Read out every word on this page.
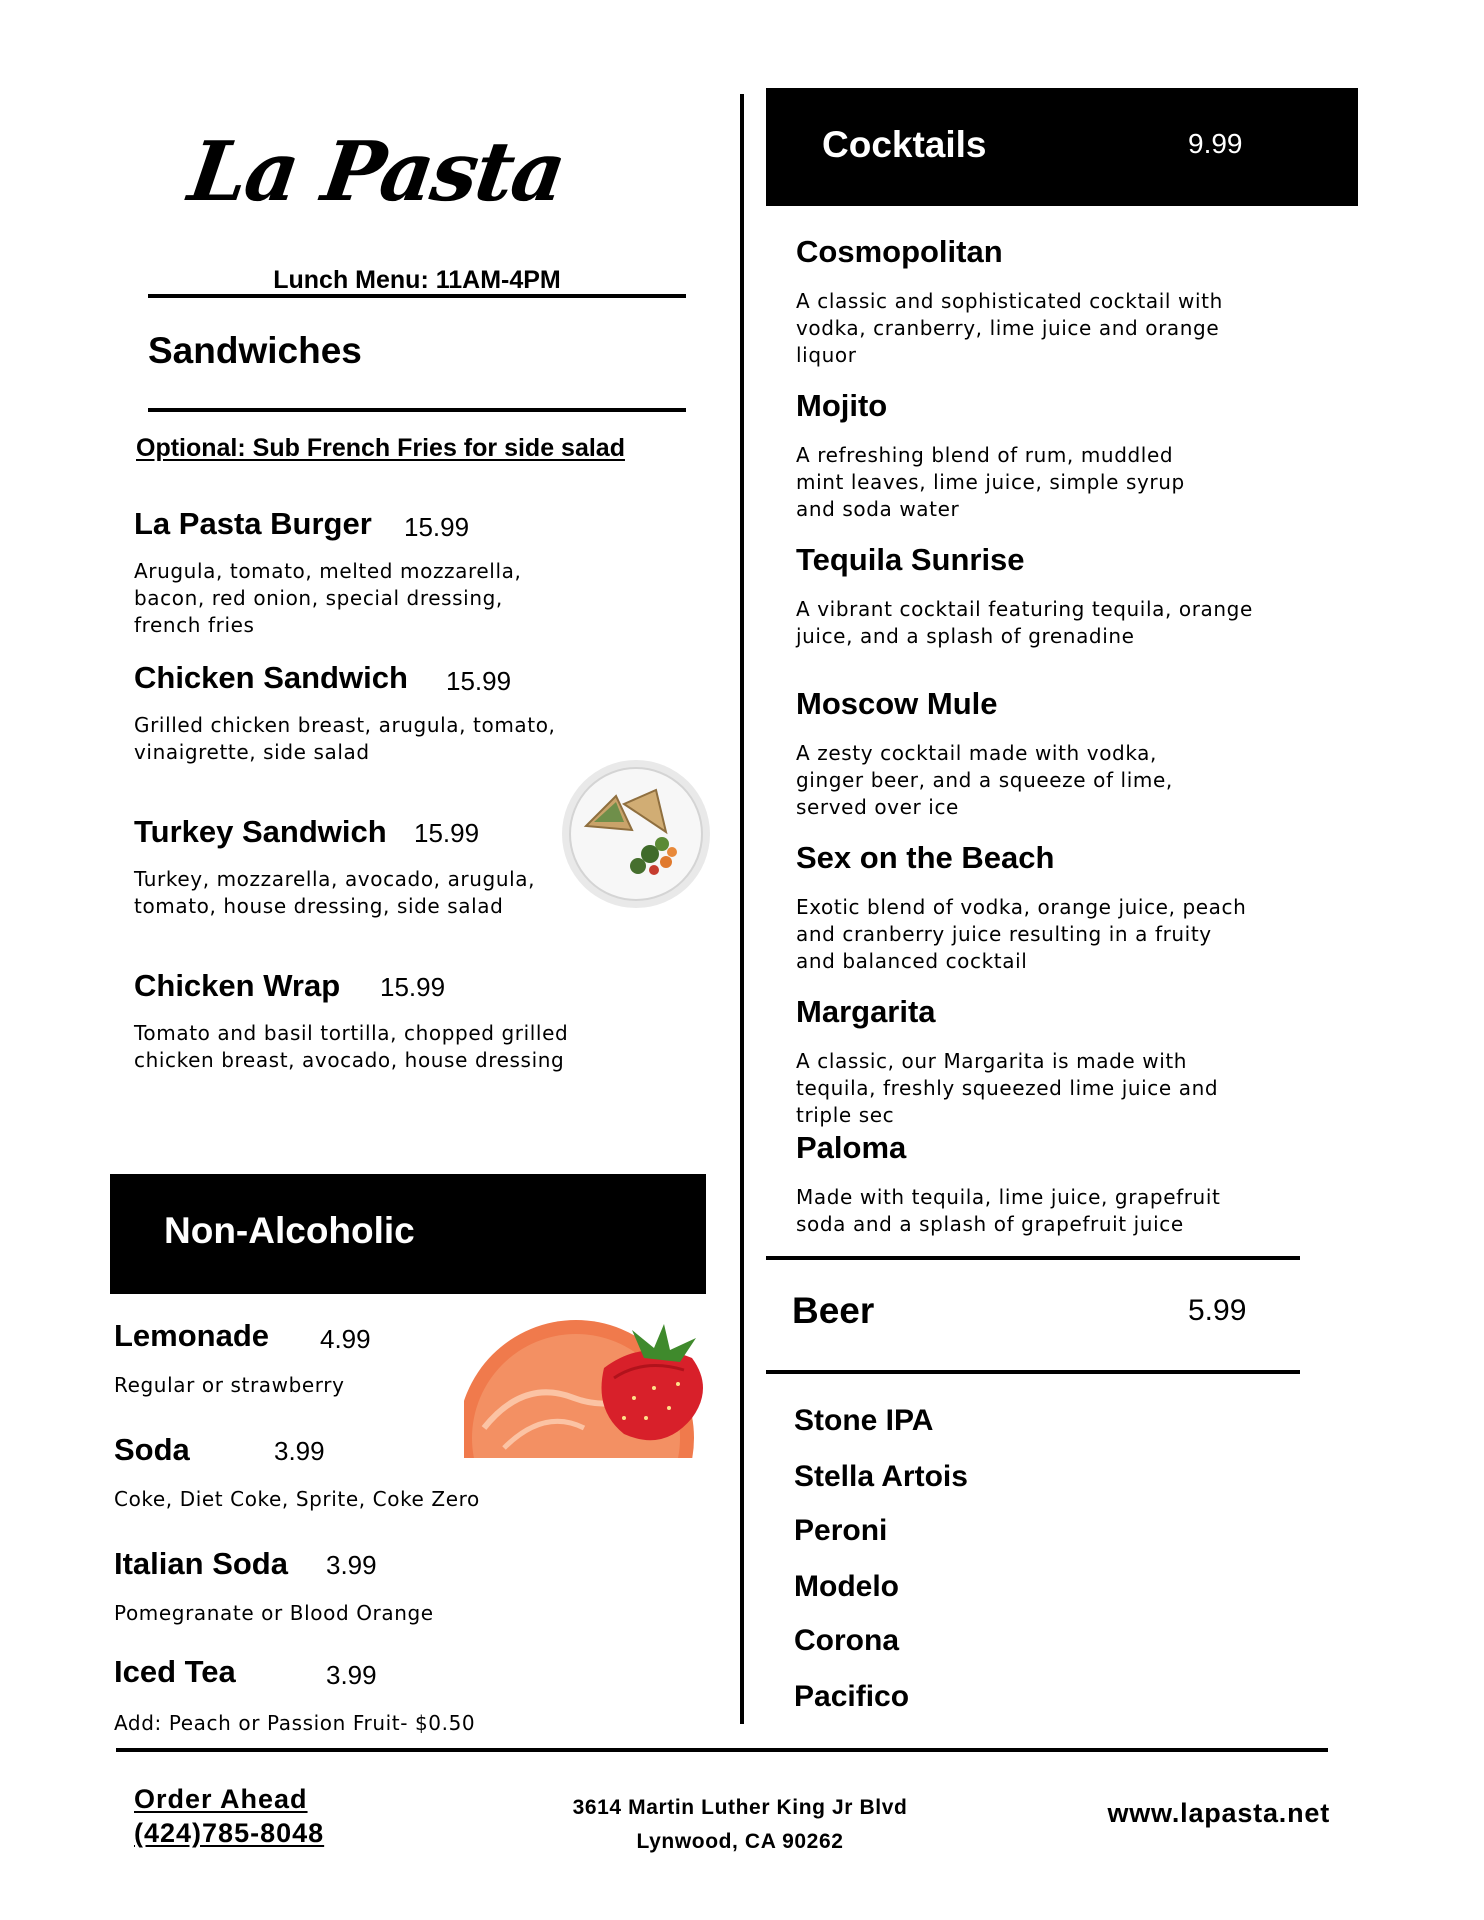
La Pasta
Lunch Menu: 11AM-4PM
Sandwiches
Optional: Sub French Fries for side salad
La Pasta Burger 15.99
Arugula, tomato, melted mozzarella, bacon, red onion, special dressing, french fries
Chicken Sandwich 15.99
Grilled chicken breast, arugula, tomato, vinaigrette, side salad
Turkey Sandwich 15.99
Turkey, mozzarella, avocado, arugula, tomato, house dressing, side salad
Chicken Wrap 15.99
Tomato and basil tortilla, chopped grilled chicken breast, avocado, house dressing
Non-Alcoholic
Lemonade 4.99
Regular or strawberry
Soda	3.99
Coke, Diet Coke, Sprite, Coke Zero
Italian Soda 3.99
Pomegranate or Blood Orange
Iced Tea	3.99
Add: Peach or Passion Fruit- $0.50
Cocktails	9.99
Cosmopolitan
A classic and sophisticated cocktail with vodka, cranberry, lime juice and orange liquor
Mojito
A refreshing blend of rum, muddled mint leaves, lime juice, simple syrup and soda water
Tequila Sunrise
A vibrant cocktail featuring tequila, orange juice, and a splash of grenadine
Moscow Mule
A zesty cocktail made with vodka, ginger beer, and a squeeze of lime, served over ice
Sex on the Beach
Exotic blend of vodka, orange juice, peach and cranberry juice resulting in a fruity and balanced cocktail
Margarita
A classic, our Margarita is made with tequila, freshly squeezed lime juice and triple sec
Paloma
Made with tequila, lime juice, grapefruit soda and a splash of grapefruit juice
Beer	5.99
Stone IPA
Stella Artois
Peroni
Modelo
Corona
Pacifico
Order Ahead
(424)785-8048
3614 Martin Luther King Jr Blvd
Lynwood, CA 90262
www.lapasta.net
